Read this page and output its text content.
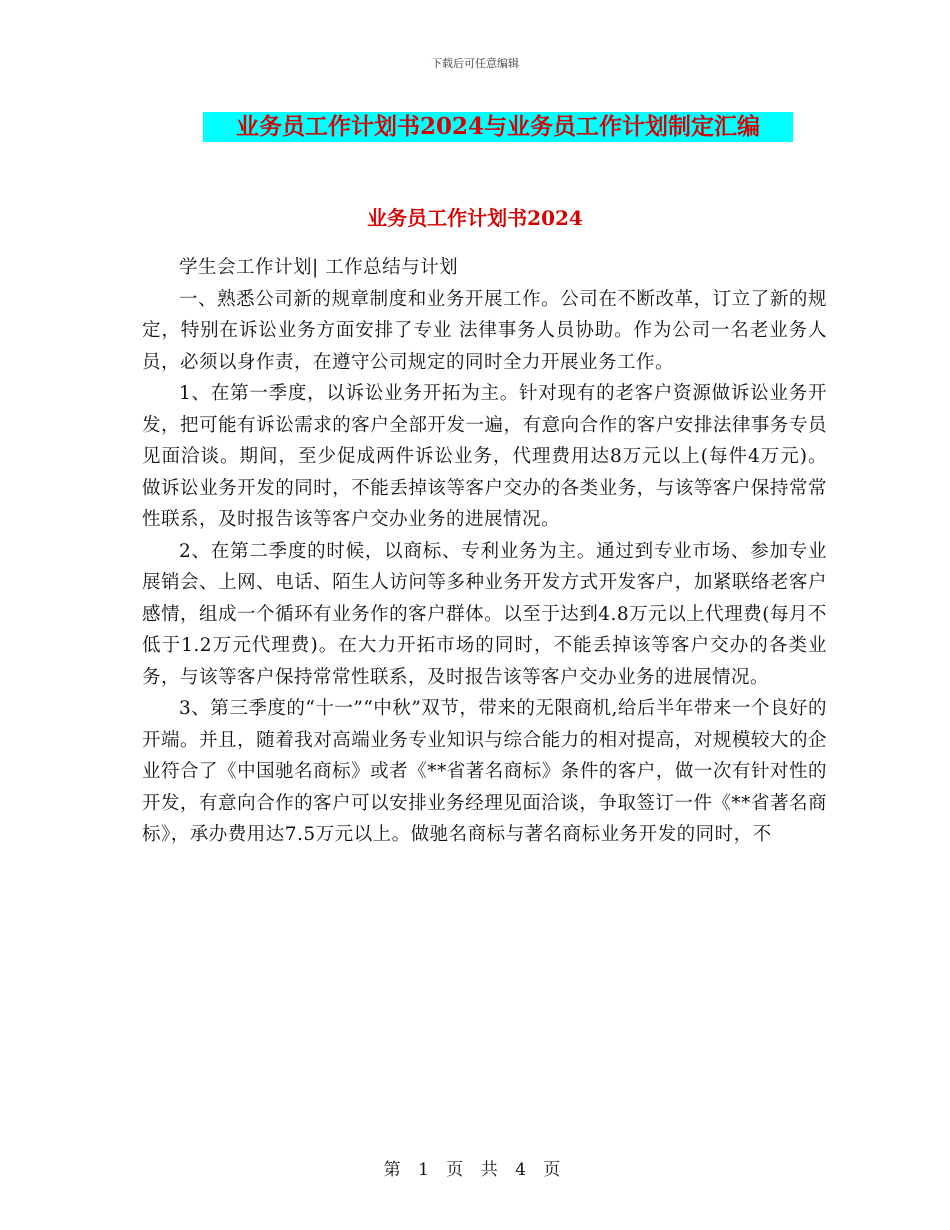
下载后可任意编辑
业务员工作计划书2024与业务员工作计划制定汇编
业务员工作计划书2024

学生会工作计划| 工作总结与计划

一、熟悉公司新的规章制度和业务开展工作。公司在不断改革，订立了新的规定，特别在诉讼业务方面安排了专业 法律事务人员协助。作为公司一名老业务人员，必须以身作责，在遵守公司规定的同时全力开展业务工作。

1、在第一季度，以诉讼业务开拓为主。针对现有的老客户资源做诉讼业务开发，把可能有诉讼需求的客户全部开发一遍，有意向合作的客户安排法律事务专员见面洽谈。期间，至少促成两件诉讼业务，代理费用达8万元以上(每件4万元)。做诉讼业务开发的同时，不能丢掉该等客户交办的各类业务，与该等客户保持常常性联系，及时报告该等客户交办业务的进展情况。

2、在第二季度的时候，以商标、专利业务为主。通过到专业市场、参加专业展销会、上网、电话、陌生人访问等多种业务开发方式开发客户，加紧联络老客户感情，组成一个循环有业务作的客户群体。以至于达到4.8万元以上代理费(每月不低于1.2万元代理费)。在大力开拓市场的同时，不能丢掉该等客户交办的各类业务，与该等客户保持常常性联系，及时报告该等客户交办业务的进展情况。

3、第三季度的“十一”“中秋”双节，带来的无限商机,给后半年带来一个良好的开端。并且，随着我对高端业务专业知识与综合能力的相对提高，对规模较大的企业符合了《中国驰名商标》或者《**省著名商标》条件的客户，做一次有针对性的开发，有意向合作的客户可以安排业务经理见面洽谈，争取签订一件《**省著名商标》，承办费用达7.5万元以上。做驰名商标与著名商标业务开发的同时，不

第 1 页 共 4 页
